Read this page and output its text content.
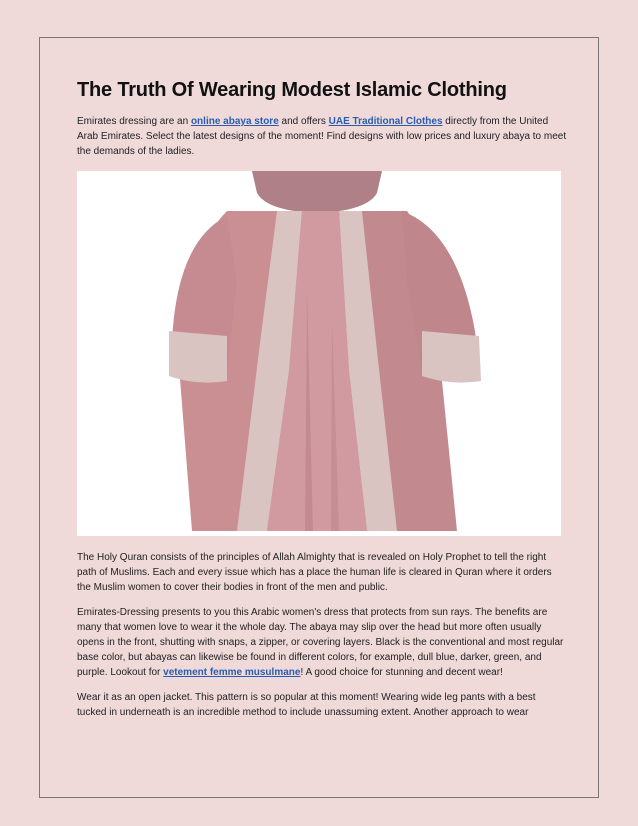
The Truth Of Wearing Modest Islamic Clothing

Emirates dressing are an online abaya store and offers UAE Traditional Clothes directly from the United Arab Emirates. Select the latest designs of the moment! Find designs with low prices and luxury abaya to meet the demands of the ladies.

The Holy Quran consists of the principles of Allah Almighty that is revealed on Holy Prophet to tell the right path of Muslims. Each and every issue which has a place the human life is cleared in Quran where it orders the Muslim women to cover their bodies in front of the men and public.

Emirates-Dressing presents to you this Arabic women's dress that protects from sun rays. The benefits are many that women love to wear it the whole day. The abaya may slip over the head but more often usually opens in the front, shutting with snaps, a zipper, or covering layers. Black is the conventional and most regular base color, but abayas can likewise be found in different colors, for example, dull blue, darker, green, and purple. Lookout for vetement femme musulmane! A good choice for stunning and decent wear!

Wear it as an open jacket. This pattern is so popular at this moment! Wearing wide leg pants with a best tucked in underneath is an incredible method to include unassuming extent. Another approach to wear
